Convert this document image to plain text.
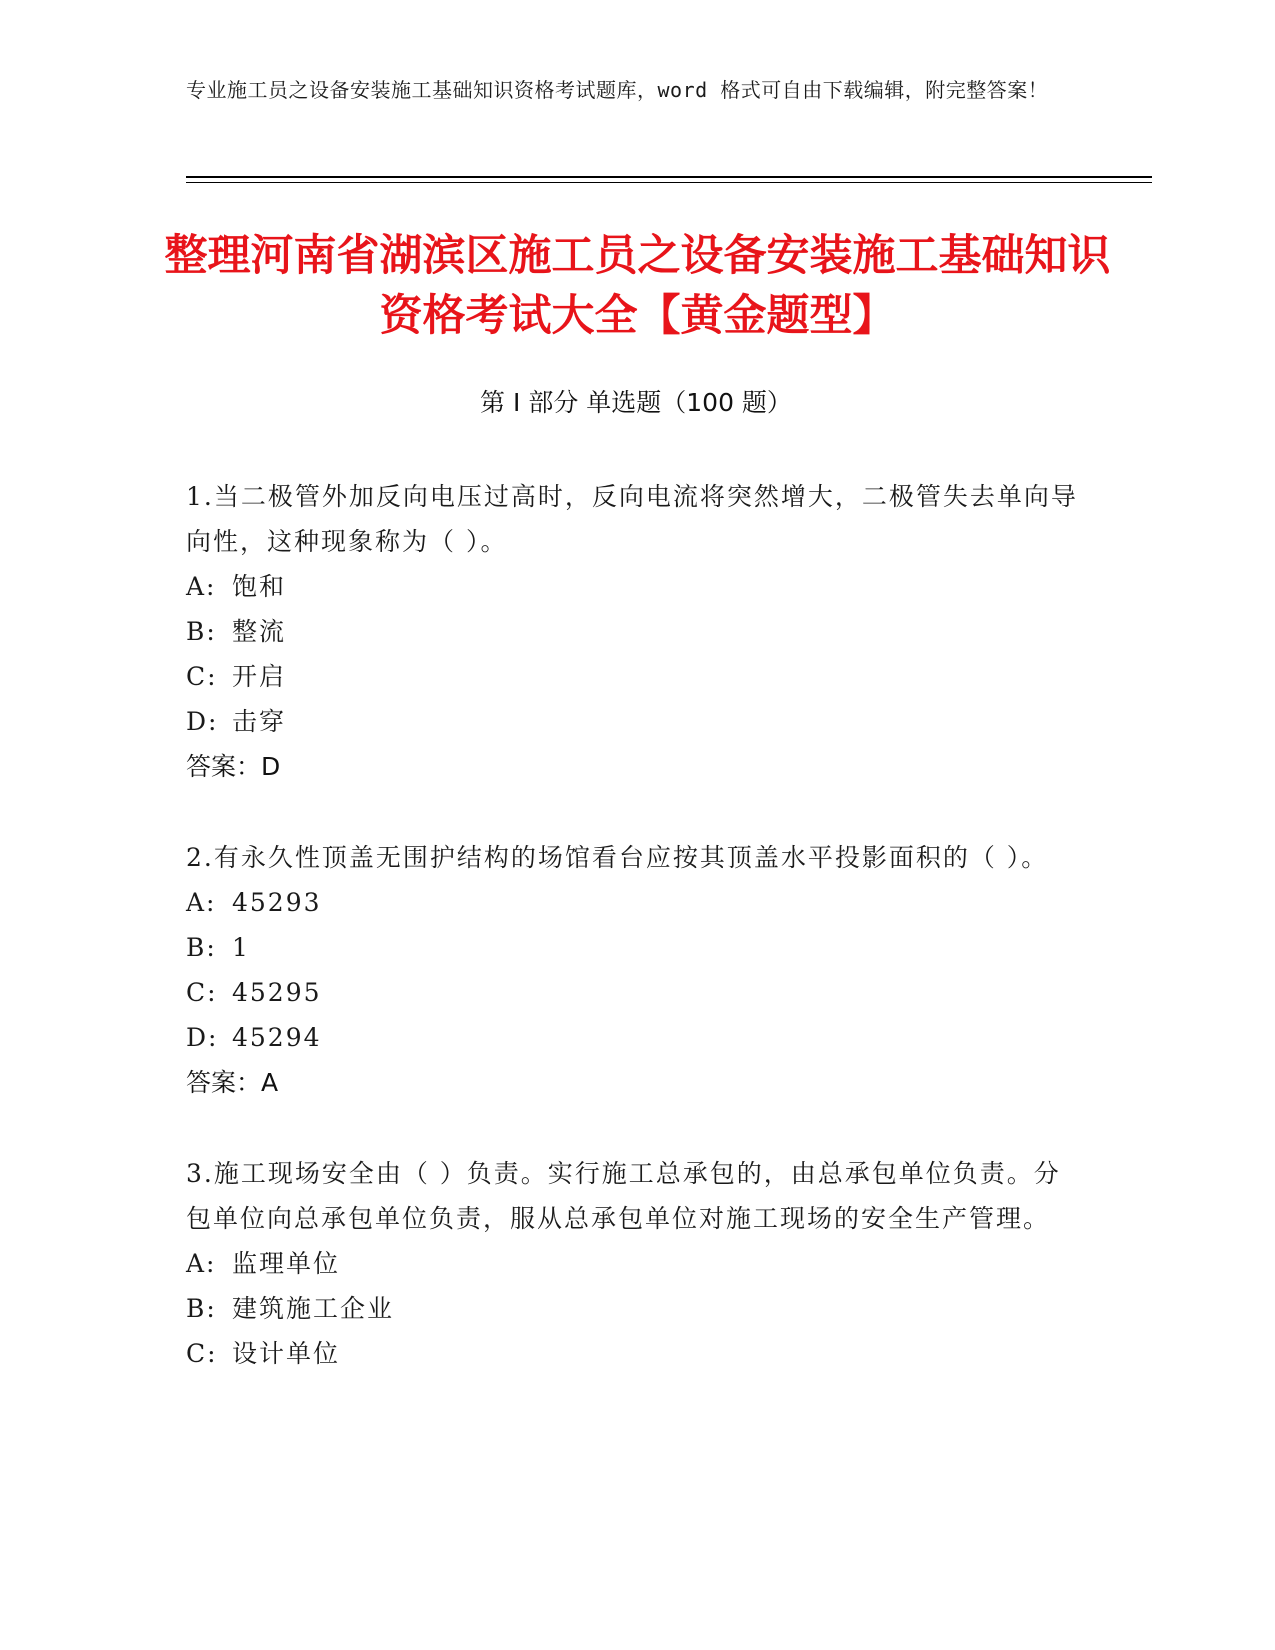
专业施工员之设备安装施工基础知识资格考试题库，word 格式可自由下载编辑，附完整答案！
整理河南省湖滨区施工员之设备安装施工基础知识资格考试大全【黄金题型】
第 I 部分 单选题（100 题）

1.当二极管外加反向电压过高时，反向电流将突然增大，二极管失去单向导向性，这种现象称为（ ）。

A: 饱和

B: 整流

C: 开启

D: 击穿

答案：D

2.有永久性顶盖无围护结构的场馆看台应按其顶盖水平投影面积的（ ）。

A: 45293

B: 1

C: 45295

D: 45294

答案：A

3.施工现场安全由（ ）负责。实行施工总承包的，由总承包单位负责。分包单位向总承包单位负责，服从总承包单位对施工现场的安全生产管理。

A: 监理单位

B: 建筑施工企业

C: 设计单位
